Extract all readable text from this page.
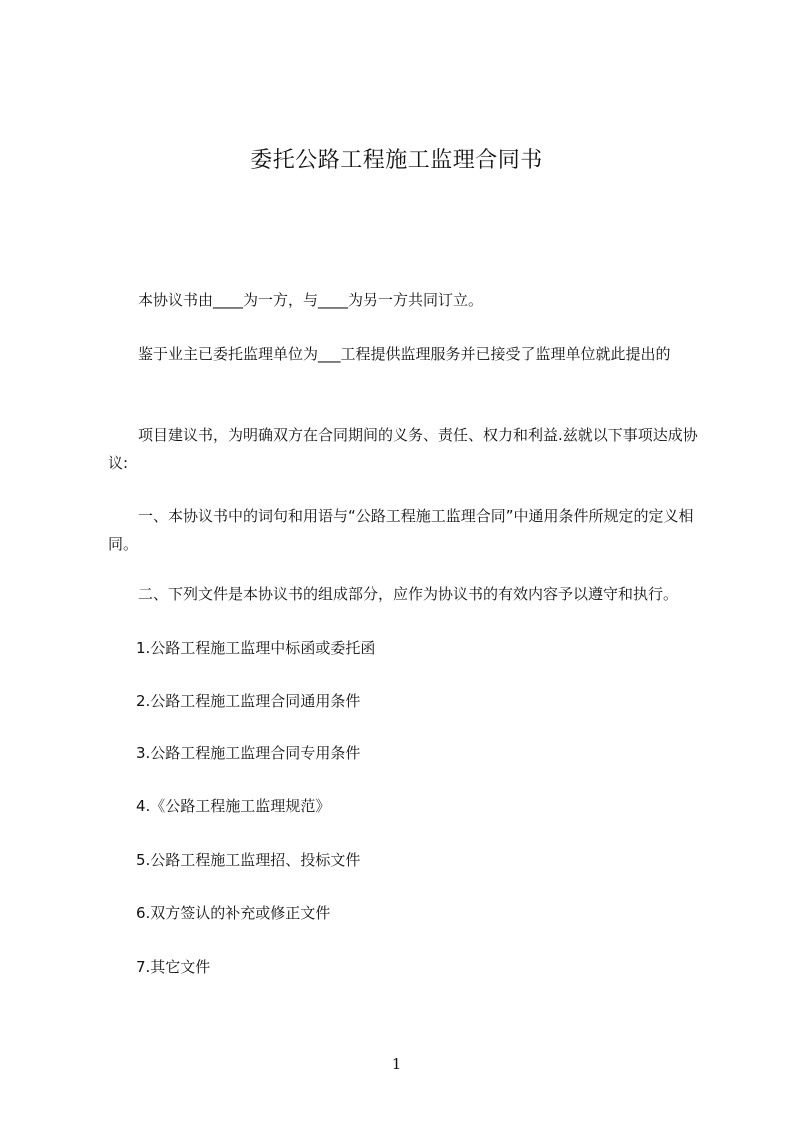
委托公路工程施工监理合同书

本协议书由____为一方，与____为另一方共同订立。

鉴于业主已委托监理单位为___工程提供监理服务并已接受了监理单位就此提出的

项目建议书，为明确双方在合同期间的义务、责任、权力和利益.兹就以下事项达成协议:

一、本协议书中的词句和用语与“公路工程施工监理合同”中通用条件所规定的定义相同。

二、下列文件是本协议书的组成部分，应作为协议书的有效内容予以遵守和执行。

1.公路工程施工监理中标函或委托函

2.公路工程施工监理合同通用条件

3.公路工程施工监理合同专用条件

4.《公路工程施工监理规范》

5.公路工程施工监理招、投标文件

6.双方签认的补充或修正文件

7.其它文件

1
